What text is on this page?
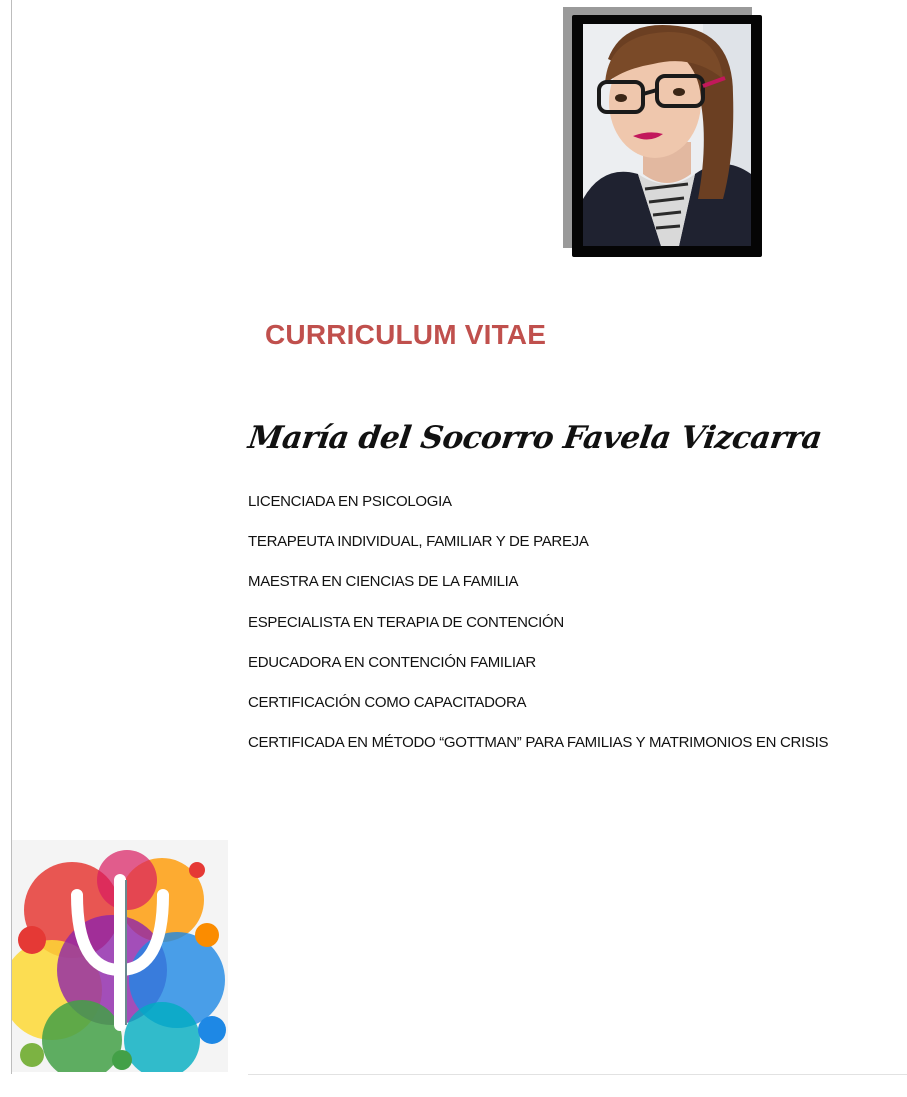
CURRICULUM VITAE
María del Socorro Favela Vizcarra
LICENCIADA EN PSICOLOGIA
TERAPEUTA INDIVIDUAL, FAMILIAR Y DE PAREJA
MAESTRA EN CIENCIAS DE LA FAMILIA
ESPECIALISTA EN TERAPIA DE CONTENCIÓN
EDUCADORA EN CONTENCIÓN FAMILIAR
CERTIFICACIÓN COMO CAPACITADORA
CERTIFICADA EN MÉTODO “GOTTMAN” PARA FAMILIAS Y MATRIMONIOS EN CRISIS
